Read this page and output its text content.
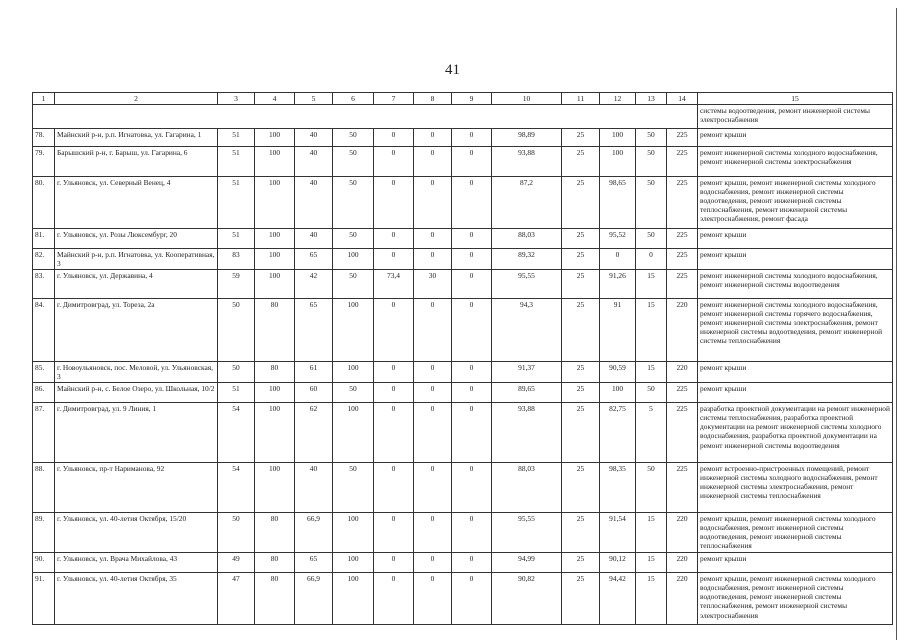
41
1	2	3	4	5	6	7	8	9	10	11	12	13	14	15
														системы водоотведения, ремонт инженерной системы электроснабжения
78.	Майнский р-н, р.п. Игнатовка, ул. Гагарина, 1	51	100	40	50	0	0	0	98,89	25	100	50	225	ремонт крыши
79.	Барышский р-н, г. Барыш, ул. Гагарина, 6	51	100	40	50	0	0	0	93,88	25	100	50	225	ремонт инженерной системы холодного водоснабжения, ремонт инженерной системы электроснабжения
80.	г. Ульяновск, ул. Северный Венец, 4	51	100	40	50	0	0	0	87,2	25	98,65	50	225	ремонт крыши, ремонт инженерной системы холодного водоснабжения, ремонт инженерной системы водоотведения, ремонт инженерной системы теплоснабжения, ремонт инженерной системы электроснабжения, ремонт фасада
81.	г. Ульяновск, ул. Розы Люксембург, 20	51	100	40	50	0	0	0	88,03	25	95,52	50	225	ремонт крыши
82.	Майнский р-н, р.п. Игнатовка, ул. Кооперативная, 3	83	100	65	100	0	0	0	89,32	25	0	0	225	ремонт крыши
83.	г. Ульяновск, ул. Державина, 4	59	100	42	50	73,4	30	0	95,55	25	91,26	15	225	ремонт инженерной системы холодного водоснабжения, ремонт инженерной системы водоотведения
84.	г. Димитровград, ул. Тореза, 2а	50	80	65	100	0	0	0	94,3	25	91	15	220	ремонт инженерной системы холодного водоснабжения, ремонт инженерной системы горячего водоснабжения, ремонт инженерной системы электроснабжения, ремонт инженерной системы водоотведения, ремонт инженерной системы теплоснабжения
85.	г. Новоульяновск, пос. Меловой, ул. Ульяновская, 3	50	80	61	100	0	0	0	91,37	25	90,59	15	220	ремонт крыши
86.	Майнский р-н, с. Белое Озеро, ул. Школьная, 10/2	51	100	60	50	0	0	0	89,65	25	100	50	225	ремонт крыши
87.	г. Димитровград, ул. 9 Линия, 1	54	100	62	100	0	0	0	93,88	25	82,75	5	225	разработка проектной документации на ремонт инженерной системы теплоснабжения, разработка проектной документации на ремонт инженерной системы холодного водоснабжения, разработка проектной документации на ремонт инженерной системы водоотведения
88.	г. Ульяновск, пр-т Нариманова, 92	54	100	40	50	0	0	0	88,03	25	98,35	50	225	ремонт встроенно-пристроенных помещений, ремонт инженерной системы холодного водоснабжения, ремонт инженерной системы электроснабжения, ремонт инженерной системы теплоснабжения
89.	г. Ульяновск, ул. 40-летия Октября, 15/20	50	80	66,9	100	0	0	0	95,55	25	91,54	15	220	ремонт крыши, ремонт инженерной системы холодного водоснабжения, ремонт инженерной системы водоотведения, ремонт инженерной системы теплоснабжения
90.	г. Ульяновск, ул. Врача Михайлова, 43	49	80	65	100	0	0	0	94,99	25	90,12	15	220	ремонт крыши
91.	г. Ульяновск, ул. 40-летия Октября, 35	47	80	66,9	100	0	0	0	90,82	25	94,42	15	220	ремонт крыши, ремонт инженерной системы холодного водоснабжения, ремонт инженерной системы водоотведения, ремонт инженерной системы теплоснабжения, ремонт инженерной системы электроснабжения
